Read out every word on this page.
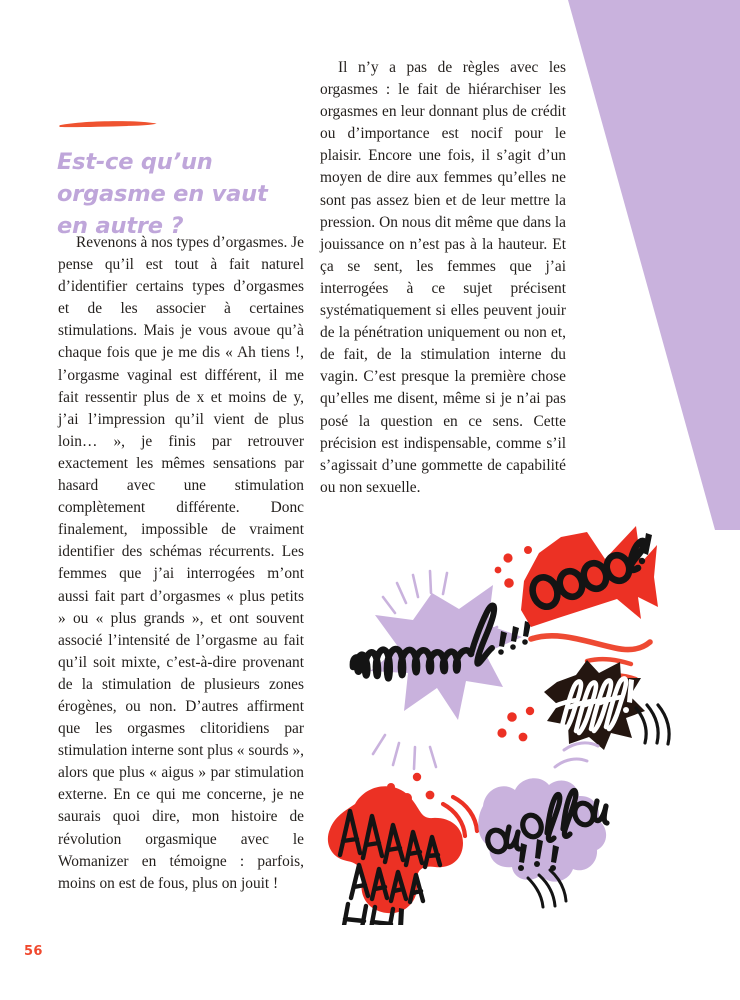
Est-ce qu’un
orgasme en vaut
en autre ?

Revenons à nos types d’orgasmes. Je pense qu’il est tout à fait naturel d’identifier certains types d’orgasmes et de les associer à certaines stimulations. Mais je vous avoue qu’à chaque fois que je me dis « Ah tiens !, l’orgasme vaginal est différent, il me fait ressentir plus de x et moins de y, j’ai l’impression qu’il vient de plus loin… », je finis par retrouver exactement les mêmes sensations par hasard avec une stimulation complètement différente. Donc finalement, impossible de vraiment identifier des schémas récurrents. Les femmes que j’ai interrogées m’ont aussi fait part d’orgasmes « plus petits » ou « plus grands », et ont souvent associé l’intensité de l’orgasme au fait qu’il soit mixte, c’est-à-dire provenant de la stimulation de plusieurs zones érogènes, ou non. D’autres affirment que les orgasmes clitoridiens par stimulation interne sont plus « sourds », alors que plus « aigus » par stimulation externe. En ce qui me concerne, je ne saurais quoi dire, mon histoire de révolution orgasmique avec le Womanizer en témoigne : parfois, moins on est de fous, plus on jouit !

Il n’y a pas de règles avec les orgasmes : le fait de hiérarchiser les orgasmes en leur donnant plus de crédit ou d’importance est nocif pour le plaisir. Encore une fois, il s’agit d’un moyen de dire aux femmes qu’elles ne sont pas assez bien et de leur mettre la pression. On nous dit même que dans la jouissance on n’est pas à la hauteur. Et ça se sent, les femmes que j’ai interrogées à ce sujet précisent systématiquement si elles peuvent jouir de la pénétration uniquement ou non et, de fait, de la stimulation interne du vagin. C’est presque la première chose qu’elles me disent, même si je n’ai pas posé la question en ce sens. Cette précision est indispensable, comme s’il s’agissait d’une gommette de capabilité ou non sexuelle.

56
